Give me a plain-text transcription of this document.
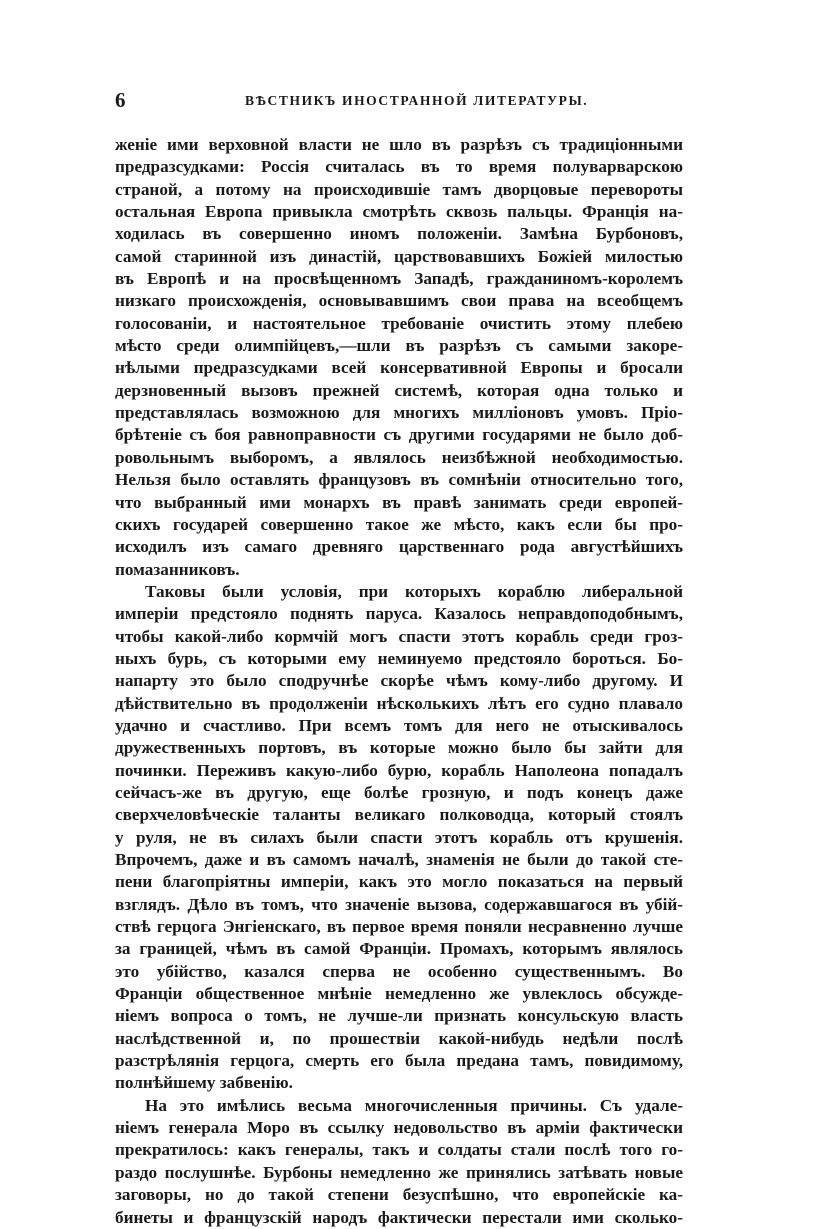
6	ВѢСТНИКЪ ИНОСТРАННОЙ ЛИТЕРАТУРЫ.
женіе ими верховной власти не шло въ разрѣзъ съ традиціонными
предразсудками: Россія считалась въ то время полуварварскою
страной, а потому на происходившіе тамъ дворцовые перевороты
остальная Европа привыкла смотрѣть сквозь пальцы. Франція на-
ходилась въ совершенно иномъ положеніи. Замѣна Бурбоновъ,
самой старинной изъ династій, царствовавшихъ Божіей милостью
въ Европѣ и на просвѣщенномъ Западѣ, гражданиномъ-королемъ
низкаго происхожденія, основывавшимъ свои права на всеобщемъ
голосованіи, и настоятельное требованіе очистить этому плебею
мѣсто среди олимпійцевъ,—шли въ разрѣзъ съ самыми закоре-
нѣлыми предразсудками всей консервативной Европы и бросали
дерзновенный вызовъ прежней системѣ, которая одна только и
представлялась возможною для многихъ милліоновъ умовъ. Пріо-
брѣтеніе съ боя равноправности съ другими государями не было доб-
ровольнымъ выборомъ, а являлось неизбѣжной необходимостью.
Нельзя было оставлять французовъ въ сомнѣніи относительно того,
что выбранный ими монархъ въ правѣ занимать среди европей-
скихъ государей совершенно такое же мѣсто, какъ если бы про-
исходилъ изъ самаго древняго царственнаго рода августѣйшихъ
помазанниковъ.
Таковы были условія, при которыхъ кораблю либеральной
имперіи предстояло поднять паруса. Казалось неправдоподобнымъ,
чтобы какой-либо кормчій могъ спасти этотъ корабль среди гроз-
ныхъ бурь, съ которыми ему неминуемо предстояло бороться. Бо-
напарту это было сподручнѣе скорѣе чѣмъ кому-либо другому. И
дѣйствительно въ продолженіи нѣсколькихъ лѣтъ его судно плавало
удачно и счастливо. При всемъ томъ для него не отыскивалось
дружественныхъ портовъ, въ которые можно было бы зайти для
починки. Переживъ какую-либо бурю, корабль Наполеона попадалъ
сейчасъ-же въ другую, еще болѣе грозную, и подъ конецъ даже
сверхчеловѣческіе таланты великаго полководца, который стоялъ
у руля, не въ силахъ были спасти этотъ корабль отъ крушенія.
Впрочемъ, даже и въ самомъ началѣ, знаменія не были до такой сте-
пени благопріятны имперіи, какъ это могло показаться на первый
взглядъ. Дѣло въ томъ, что значеніе вызова, содержавшагося въ убій-
ствѣ герцога Энгіенскаго, въ первое время поняли несравненно лучше
за границей, чѣмъ въ самой Франціи. Промахъ, которымъ являлось
это убійство, казался сперва не особенно существеннымъ. Во
Франціи общественное мнѣніе немедленно же увлеклось обсужде-
ніемъ вопроса о томъ, не лучше-ли признать консульскую власть
наслѣдственной и, по прошествіи какой-нибудь недѣли послѣ
разстрѣлянія герцога, смерть его была предана тамъ, повидимому,
полнѣйшему забвенію.
На это имѣлись весьма многочисленныя причины. Съ удале-
ніемъ генерала Моро въ ссылку недовольство въ арміи фактически
прекратилось: какъ генералы, такъ и солдаты стали послѣ того го-
раздо послушнѣе. Бурбоны немедленно же принялись затѣвать новые
заговоры, но до такой степени безуспѣшно, что европейскіе ка-
бинеты и французскій народъ фактически перестали ими сколько-
